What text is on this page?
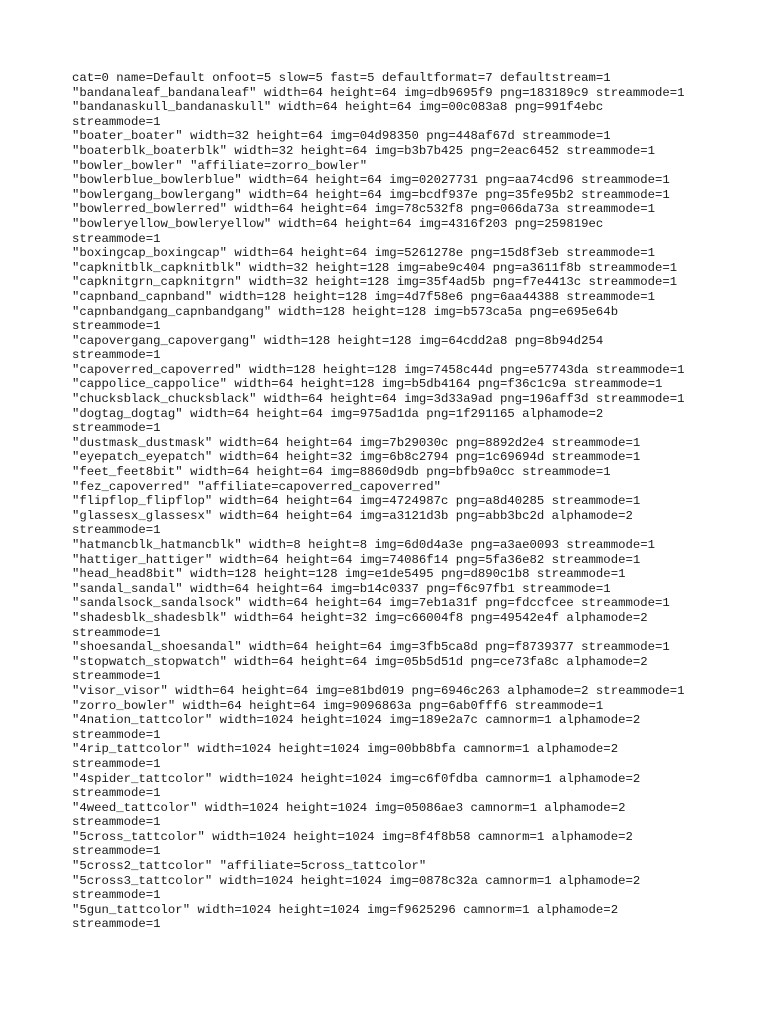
cat=0 name=Default onfoot=5 slow=5 fast=5 defaultformat=7 defaultstream=1
"bandanaleaf_bandanaleaf" width=64 height=64 img=db9695f9 png=183189c9 streammode=1
"bandanaskull_bandanaskull" width=64 height=64 img=00c083a8 png=991f4ebc
streammode=1
"boater_boater" width=32 height=64 img=04d98350 png=448af67d streammode=1
"boaterblk_boaterblk" width=32 height=64 img=b3b7b425 png=2eac6452 streammode=1
"bowler_bowler" "affiliate=zorro_bowler"
"bowlerblue_bowlerblue" width=64 height=64 img=02027731 png=aa74cd96 streammode=1
"bowlergang_bowlergang" width=64 height=64 img=bcdf937e png=35fe95b2 streammode=1
"bowlerred_bowlerred" width=64 height=64 img=78c532f8 png=066da73a streammode=1
"bowleryellow_bowleryellow" width=64 height=64 img=4316f203 png=259819ec
streammode=1
"boxingcap_boxingcap" width=64 height=64 img=5261278e png=15d8f3eb streammode=1
"capknitblk_capknitblk" width=32 height=128 img=abe9c404 png=a3611f8b streammode=1
"capknitgrn_capknitgrn" width=32 height=128 img=35f4ad5b png=f7e4413c streammode=1
"capnband_capnband" width=128 height=128 img=4d7f58e6 png=6aa44388 streammode=1
"capnbandgang_capnbandgang" width=128 height=128 img=b573ca5a png=e695e64b
streammode=1
"capovergang_capovergang" width=128 height=128 img=64cdd2a8 png=8b94d254
streammode=1
"capoverred_capoverred" width=128 height=128 img=7458c44d png=e57743da streammode=1
"cappolice_cappolice" width=64 height=128 img=b5db4164 png=f36c1c9a streammode=1
"chucksblack_chucksblack" width=64 height=64 img=3d33a9ad png=196aff3d streammode=1
"dogtag_dogtag" width=64 height=64 img=975ad1da png=1f291165 alphamode=2
streammode=1
"dustmask_dustmask" width=64 height=64 img=7b29030c png=8892d2e4 streammode=1
"eyepatch_eyepatch" width=64 height=32 img=6b8c2794 png=1c69694d streammode=1
"feet_feet8bit" width=64 height=64 img=8860d9db png=bfb9a0cc streammode=1
"fez_capoverred" "affiliate=capoverred_capoverred"
"flipflop_flipflop" width=64 height=64 img=4724987c png=a8d40285 streammode=1
"glassesx_glassesx" width=64 height=64 img=a3121d3b png=abb3bc2d alphamode=2
streammode=1
"hatmancblk_hatmancblk" width=8 height=8 img=6d0d4a3e png=a3ae0093 streammode=1
"hattiger_hattiger" width=64 height=64 img=74086f14 png=5fa36e82 streammode=1
"head_head8bit" width=128 height=128 img=e1de5495 png=d890c1b8 streammode=1
"sandal_sandal" width=64 height=64 img=b14c0337 png=f6c97fb1 streammode=1
"sandalsock_sandalsock" width=64 height=64 img=7eb1a31f png=fdccfcee streammode=1
"shadesblk_shadesblk" width=64 height=32 img=c66004f8 png=49542e4f alphamode=2
streammode=1
"shoesandal_shoesandal" width=64 height=64 img=3fb5ca8d png=f8739377 streammode=1
"stopwatch_stopwatch" width=64 height=64 img=05b5d51d png=ce73fa8c alphamode=2
streammode=1
"visor_visor" width=64 height=64 img=e81bd019 png=6946c263 alphamode=2 streammode=1
"zorro_bowler" width=64 height=64 img=9096863a png=6ab0fff6 streammode=1
"4nation_tattcolor" width=1024 height=1024 img=189e2a7c camnorm=1 alphamode=2
streammode=1
"4rip_tattcolor" width=1024 height=1024 img=00bb8bfa camnorm=1 alphamode=2
streammode=1
"4spider_tattcolor" width=1024 height=1024 img=c6f0fdba camnorm=1 alphamode=2
streammode=1
"4weed_tattcolor" width=1024 height=1024 img=05086ae3 camnorm=1 alphamode=2
streammode=1
"5cross_tattcolor" width=1024 height=1024 img=8f4f8b58 camnorm=1 alphamode=2
streammode=1
"5cross2_tattcolor" "affiliate=5cross_tattcolor"
"5cross3_tattcolor" width=1024 height=1024 img=0878c32a camnorm=1 alphamode=2
streammode=1
"5gun_tattcolor" width=1024 height=1024 img=f9625296 camnorm=1 alphamode=2
streammode=1
